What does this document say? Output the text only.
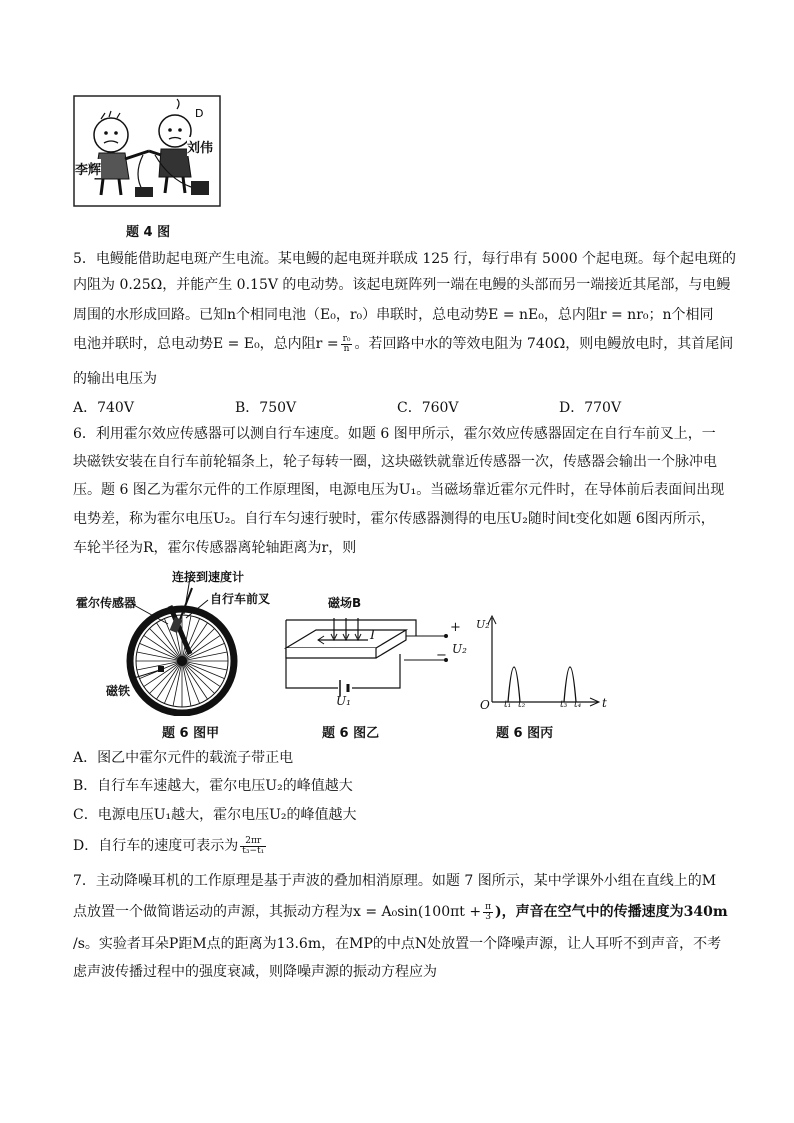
D
李辉
刘伟
题 4 图
5．电鳗能借助起电斑产生电流。某电鳗的起电斑并联成 125 行，每行串有 5000 个起电斑。每个起电斑的
内阻为 0.25Ω，并能产生 0.15V 的电动势。该起电斑阵列一端在电鳗的头部而另一端接近其尾部，与电鳗
周围的水形成回路。已知n个相同电池（E₀，r₀）串联时，总电动势E = nE₀，总内阻r = nr₀；n个相同
电池并联时，总电动势E = E₀，总内阻$r = \frac{\text{r₀}}{n}$ 。若回路中水的等效电阻为 740Ω，则电鳗放电时，其首尾间
的输出电压为
A．740V	B．750V	C．760V	D．770V
6．利用霍尔效应传感器可以测自行车速度。如题 6 图甲所示，霍尔效应传感器固定在自行车前叉上，一
块磁铁安装在自行车前轮辐条上，轮子每转一圈，这块磁铁就靠近传感器一次，传感器会输出一个脉冲电
压。题 6 图乙为霍尔元件的工作原理图，电源电压为U₁。当磁场靠近霍尔元件时，在导体前后表面间出现
电势差，称为霍尔电压U₂。自行车匀速行驶时，霍尔传感器测得的电压U₂随时间t变化如题 6图丙所示，
车轮半径为R，霍尔传感器离轮轴距离为r，则
连接到速度计
霍尔传感器	自行车前叉
磁铁
题 6 图甲
磁场B
I
+
− U₂
U₁
题 6 图乙
U₂
O	t
t₁ t₂	t₃ t₄
题 6 图丙
A．图乙中霍尔元件的载流子带正电
B．自行车车速越大，霍尔电压U₂的峰值越大
C．电源电压U₁越大，霍尔电压U₂的峰值越大
D．自行车的速度可表示为 $\frac{2\pi r}{\text{t₃−t₁}}$
7．主动降噪耳机的工作原理是基于声波的叠加相消原理。如题 7 图所示，某中学课外小组在直线上的M
点放置一个做简谐运动的声源，其振动方程为$x = A_0\sin(100\pi t + \frac{\pi}{3}$ )，声音在空气中的传播速度为340m
/s。实验者耳朵P距M点的距离为13.6m，在MP的中点N处放置一个降噪声源，让人耳听不到声音，不考
虑声波传播过程中的强度衰减，则降噪声源的振动方程应为
